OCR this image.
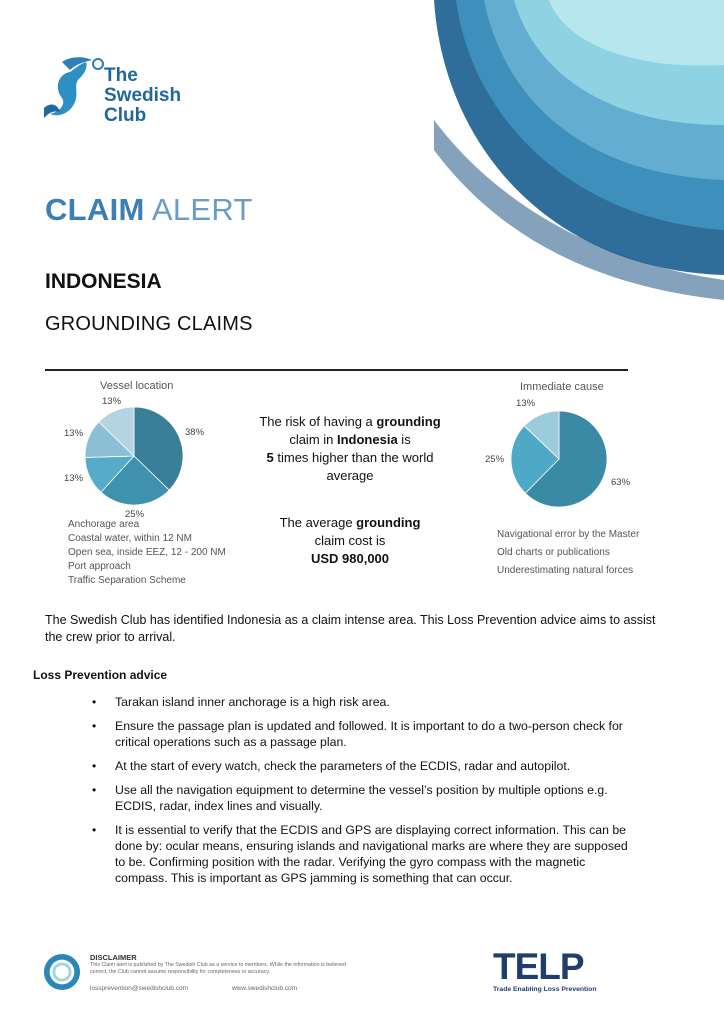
The
Swedish
Club
CLAIM ALERT
INDONESIA
GROUNDING CLAIMS
Vessel location
38%
25%
13%
13%
13%
Anchorage area
Coastal water, within 12 NM
Open sea, inside EEZ, 12 - 200 NM
Port approach
Traffic Separation Scheme
The risk of having a grounding
claim in Indonesia is
5 times higher than the world average
The average grounding
claim cost is
USD 980,000
Immediate cause
63%
25%
13%
Navigational error by the Master
Old charts or publications
Underestimating natural forces

The Swedish Club has identified Indonesia as a claim intense area. This Loss Prevention advice aims to assist the crew prior to arrival.

Loss Prevention advice
• Tarakan island inner anchorage is a high risk area.
• Ensure the passage plan is updated and followed. It is important to do a two-person check for critical operations such as a passage plan.
• At the start of every watch, check the parameters of the ECDIS, radar and autopilot.
• Use all the navigation equipment to determine the vessel’s position by multiple options e.g. ECDIS, radar, index lines and visually.
• It is essential to verify that the ECDIS and GPS are displaying correct information. This can be done by: ocular means, ensuring islands and navigational marks are where they are supposed to be. Confirming position with the radar. Verifying the gyro compass with the magnetic compass. This is important as GPS jamming is something that can occur.
DISCLAIMER
This Claim alert is published by The Swedish Club as a service to members. While the information is believed correct, the Club cannot assume responsibility for completeness or accuracy.
lossprevention@swedishclub.com	www.swedishclub.com
TELP
Trade Enabling Loss Prevention
